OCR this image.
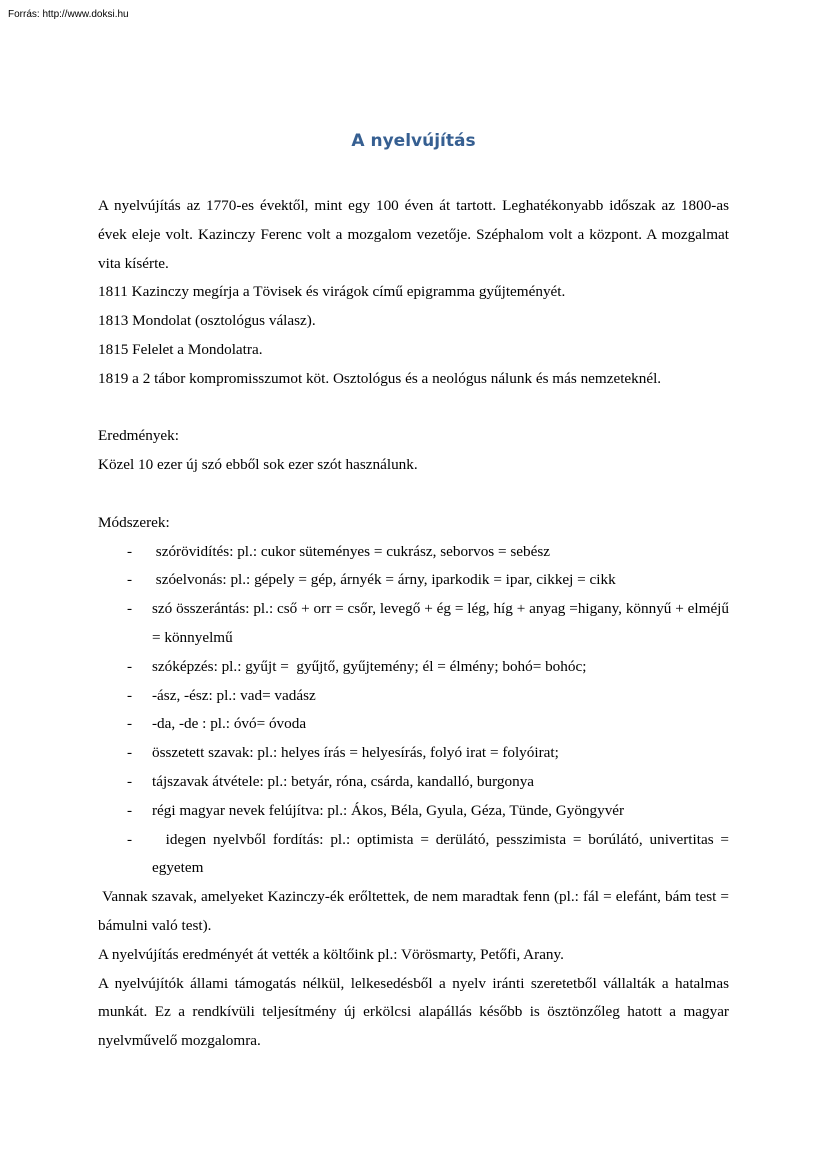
Forrás: http://www.doksi.hu
A nyelvújítás

A nyelvújítás az 1770-es évektől, mint egy 100 éven át tartott. Leghatékonyabb időszak az 1800-as évek eleje volt. Kazinczy Ferenc volt a mozgalom vezetője. Széphalom volt a központ. A mozgalmat vita kísérte.

1811 Kazinczy megírja a Tövisek és virágok című epigramma gyűjteményét.

1813 Mondolat (osztológus válasz).

1815 Felelet a Mondolatra.

1819 a 2 tábor kompromisszumot köt. Osztológus és a neológus nálunk és más nemzeteknél.

Eredmények:

Közel 10 ezer új szó ebből sok ezer szót használunk.

Módszerek:

- szórövidítés: pl.: cukor süteményes = cukrász, seborvos = sebész
- szóelvonás: pl.: gépely = gép, árnyék = árny, iparkodik = ipar, cikkej = cikk
- szó összerántás: pl.: cső + orr = csőr, levegő + ég = lég, híg + anyag =higany, könnyű + elméjű = könnyelmű
- szóképzés: pl.: gyűjt =  gyűjtő, gyűjtemény; él = élmény; bohó= bohóc;
- -ász, -ész: pl.: vad= vadász
- -da, -de : pl.: óvó= óvoda
- összetett szavak: pl.: helyes írás = helyesírás, folyó irat = folyóirat;
- tájszavak átvétele: pl.: betyár, róna, csárda, kandalló, burgonya
- régi magyar nevek felújítva: pl.: Ákos, Béla, Gyula, Géza, Tünde, Gyöngyvér
- idegen nyelvből fordítás: pl.: optimista = derülátó, pesszimista = borúlátó, univertitas = egyetem

Vannak szavak, amelyeket Kazinczy-ék erőltettek, de nem maradtak fenn (pl.: fál = elefánt, bám test = bámulni való test).

A nyelvújítás eredményét át vették a költőink pl.: Vörösmarty, Petőfi, Arany.

A nyelvújítók állami támogatás nélkül, lelkesedésből a nyelv iránti szeretetből vállalták a hatalmas munkát. Ez a rendkívüli teljesítmény új erkölcsi alapállás később is ösztönzőleg hatott a magyar nyelvművelő mozgalomra.
